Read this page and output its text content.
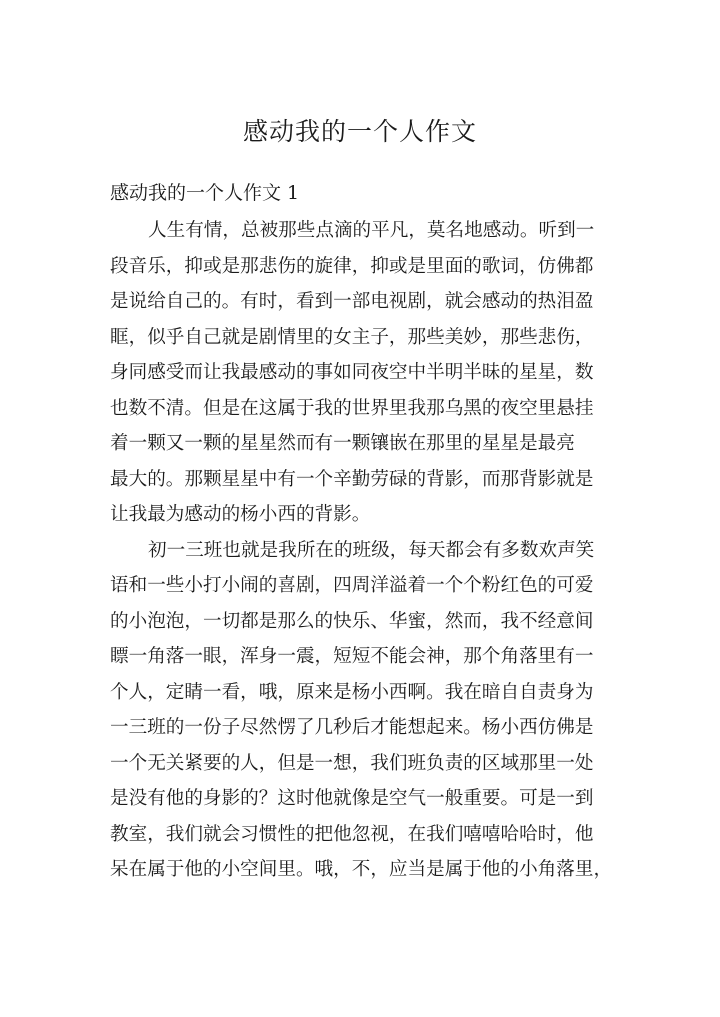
感动我的一个人作文
感动我的一个人作文 1
人生有情，总被那些点滴的平凡，莫名地感动。听到一
段音乐，抑或是那悲伤的旋律，抑或是里面的歌词，仿佛都
是说给自己的。有时，看到一部电视剧，就会感动的热泪盈
眶，似乎自己就是剧情里的女主子，那些美妙，那些悲伤，
身同感受而让我最感动的事如同夜空中半明半昧的星星，数
也数不清。但是在这属于我的世界里我那乌黑的夜空里悬挂
着一颗又一颗的星星然而有一颗镶嵌在那里的星星是最亮
最大的。那颗星星中有一个辛勤劳碌的背影，而那背影就是
让我最为感动的杨小西的背影。
初一三班也就是我所在的班级，每天都会有多数欢声笑
语和一些小打小闹的喜剧，四周洋溢着一个个粉红色的可爱
的小泡泡，一切都是那么的快乐、华蜜，然而，我不经意间
瞟一角落一眼，浑身一震，短短不能会神，那个角落里有一
个人，定睛一看，哦，原来是杨小西啊。我在暗自自责身为
一三班的一份子尽然愣了几秒后才能想起来。杨小西仿佛是
一个无关紧要的人，但是一想，我们班负责的区域那里一处
是没有他的身影的？这时他就像是空气一般重要。可是一到
教室，我们就会习惯性的把他忽视，在我们嘻嘻哈哈时，他
呆在属于他的小空间里。哦，不，应当是属于他的小角落里，
